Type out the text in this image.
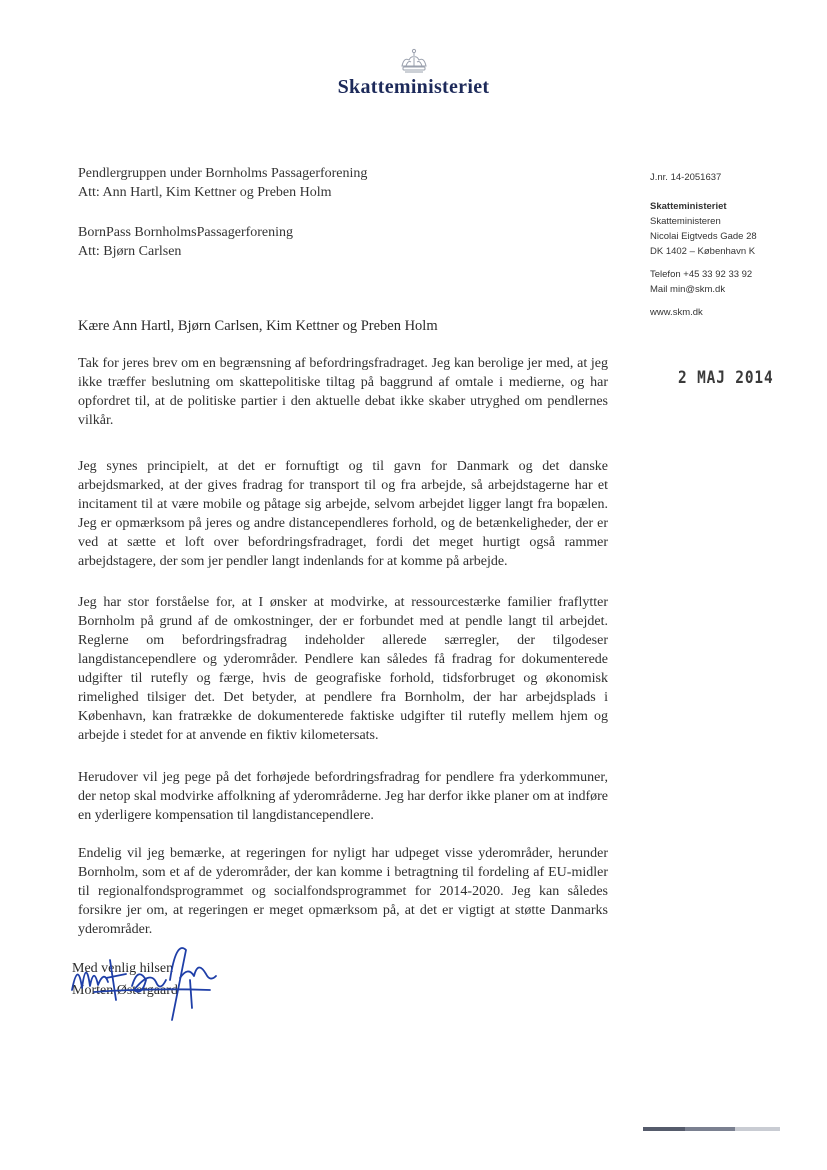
Skatteministeriet
Pendlergruppen under Bornholms Passagerforening
Att: Ann Hartl, Kim Kettner og Preben Holm
BornPass BornholmsPassagerforening
Att: Bjørn Carlsen
J.nr. 14-2051637
Skatteministeriet
Skatteministeren
Nicolai Eigtveds Gade 28
DK 1402 – København K
Telefon +45 33 92 33 92
Mail min@skm.dk
www.skm.dk
2 MAJ 2014
Kære Ann Hartl, Bjørn Carlsen, Kim Kettner og Preben Holm
Tak for jeres brev om en begrænsning af befordringsfradraget. Jeg kan berolige jer med, at jeg ikke træffer beslutning om skattepolitiske tiltag på baggrund af omtale i medierne, og har opfordret til, at de politiske partier i den aktuelle debat ikke skaber utryghed om pendlernes vilkår.
Jeg synes principielt, at det er fornuftigt og til gavn for Danmark og det danske arbejdsmarked, at der gives fradrag for transport til og fra arbejde, så arbejdstagerne har et incitament til at være mobile og påtage sig arbejde, selvom arbejdet ligger langt fra bopælen. Jeg er opmærksom på jeres og andre distancependleres forhold, og de betænkeligheder, der er ved at sætte et loft over befordringsfradraget, fordi det meget hurtigt også rammer arbejdstagere, der som jer pendler langt indenlands for at komme på arbejde.
Jeg har stor forståelse for, at I ønsker at modvirke, at ressourcestærke familier fraflytter Bornholm på grund af de omkostninger, der er forbundet med at pendle langt til arbejdet. Reglerne om befordringsfradrag indeholder allerede særregler, der tilgodeser langdistancependlere og yderområder. Pendlere kan således få fradrag for dokumenterede udgifter til rutefly og færge, hvis de geografiske forhold, tidsforbruget og økonomisk rimelighed tilsiger det. Det betyder, at pendlere fra Bornholm, der har arbejdsplads i København, kan fratrække de dokumenterede faktiske udgifter til rutefly mellem hjem og arbejde i stedet for at anvende en fiktiv kilometersats.
Herudover vil jeg pege på det forhøjede befordringsfradrag for pendlere fra yderkommuner, der netop skal modvirke affolkning af yderområderne. Jeg har derfor ikke planer om at indføre en yderligere kompensation til langdistancependlere.
Endelig vil jeg bemærke, at regeringen for nyligt har udpeget visse yderområder, herunder Bornholm, som et af de yderområder, der kan komme i betragtning til fordeling af EU-midler til regionalfondsprogrammet og socialfondsprogrammet for 2014-2020. Jeg kan således forsikre jer om, at regeringen er meget opmærksom på, at det er vigtigt at støtte Danmarks yderområder.
Med venlig hilsen
Morten Østergaard
